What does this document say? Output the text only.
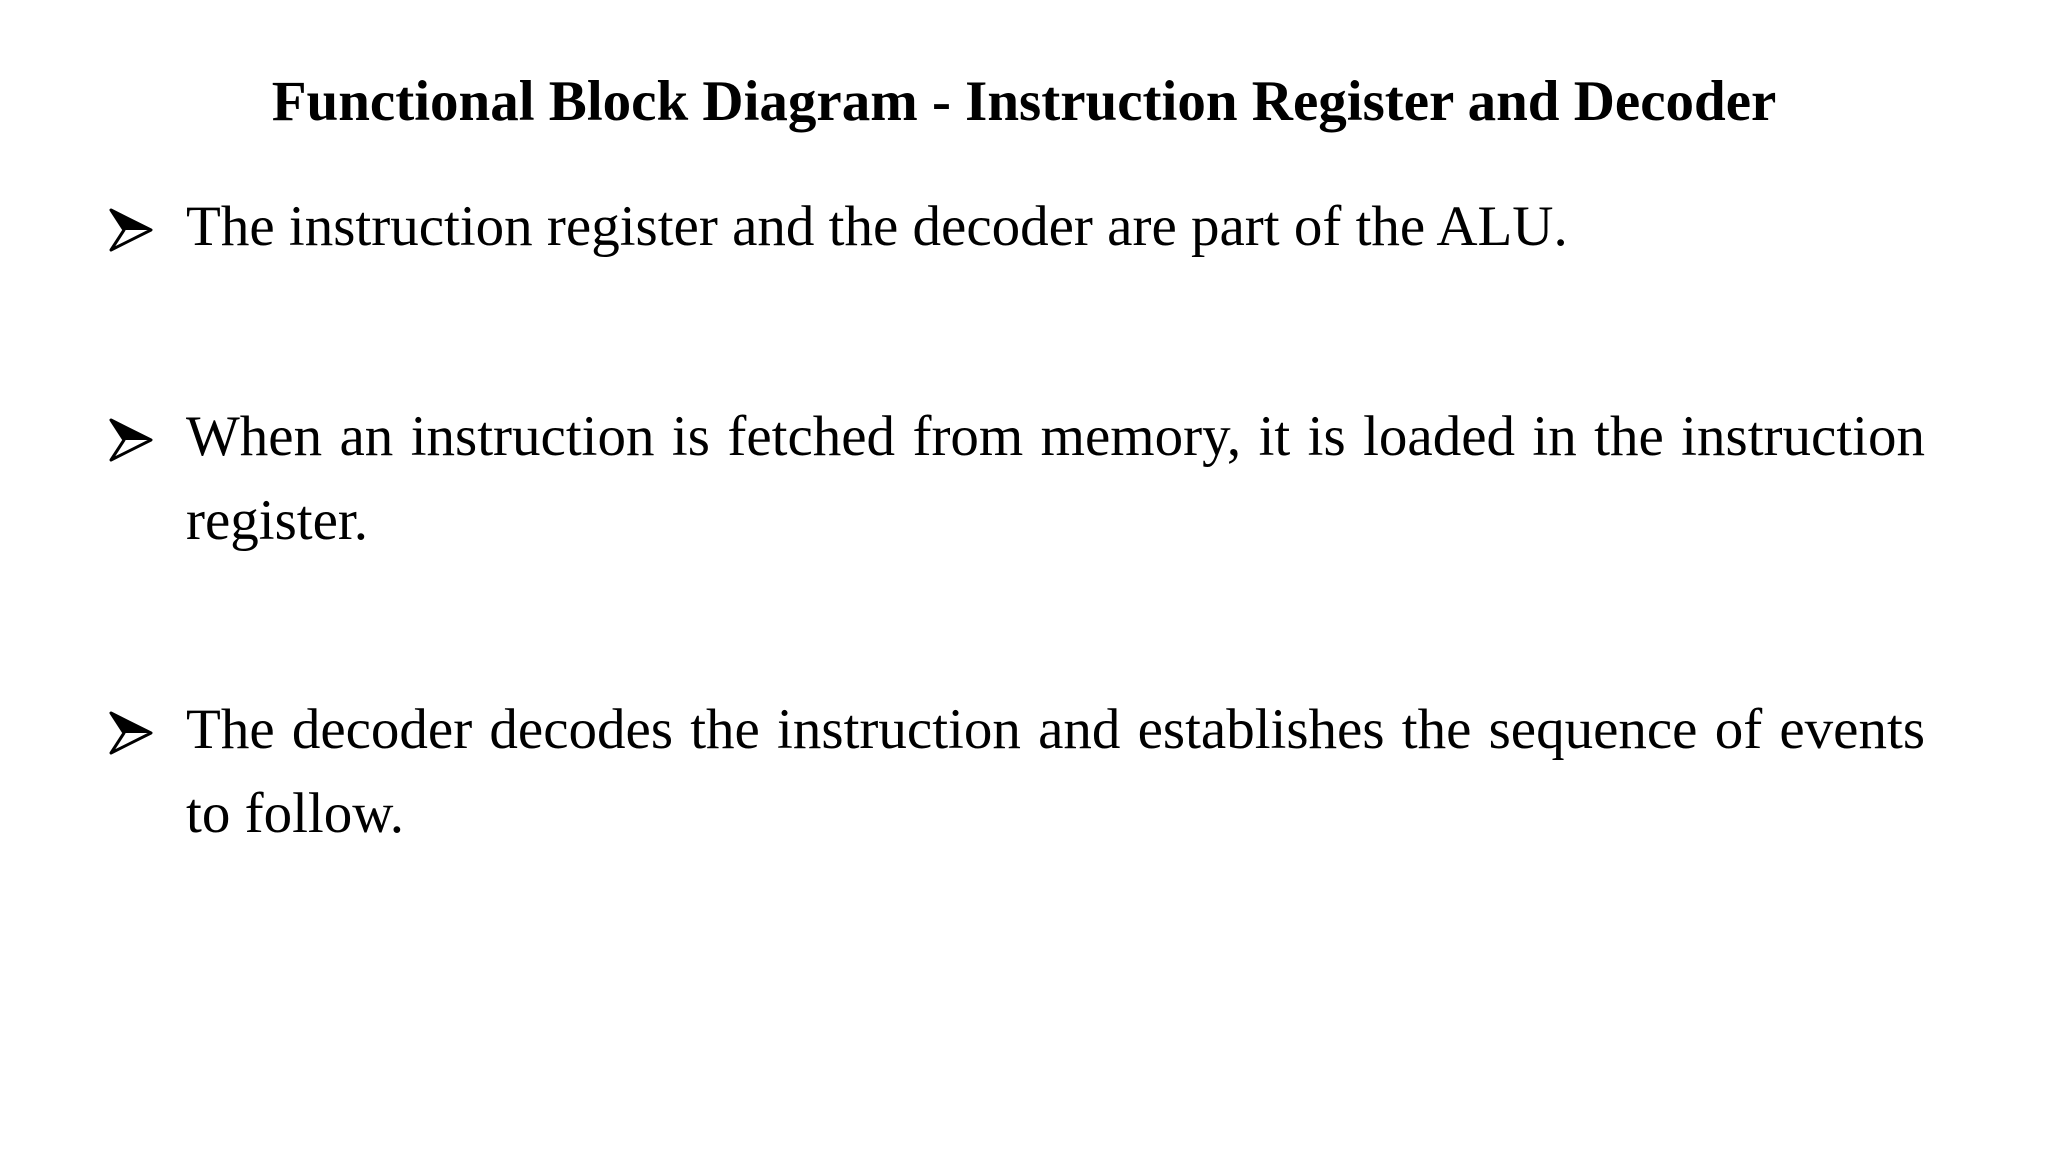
Functional Block Diagram - Instruction Register and Decoder
The instruction register and the decoder are part of the ALU.
When an instruction is fetched from memory, it is loaded in the instruction register.
The decoder decodes the instruction and establishes the sequence of events to follow.
